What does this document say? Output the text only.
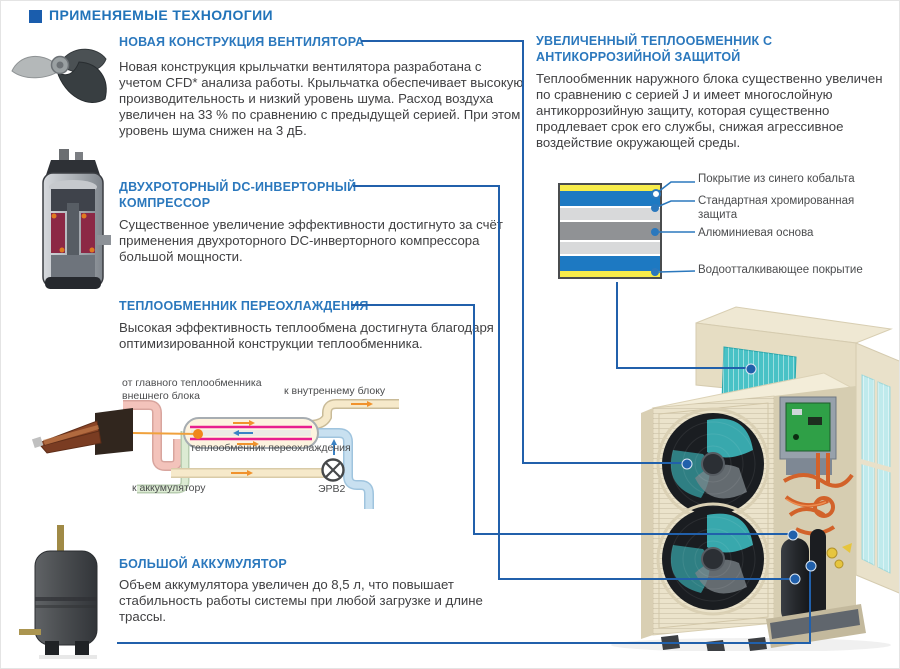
ПРИМЕНЯЕМЫЕ ТЕХНОЛОГИИ
НОВАЯ КОНСТРУКЦИЯ ВЕНТИЛЯТОРА
Новая конструкция крыльчатки вентилятора разработана с учетом CFD* анализа работы. Крыльчатка обеспечивает высокую производительность и низкий уровень шума. Расход воздуха увеличен на 33 % по сравнению с предыдущей серией. При этом уровень шума снижен на 3 дБ.
ДВУХРОТОРНЫЙ DC-ИНВЕРТОРНЫЙ КОМПРЕССОР
Существенное увеличение эффективности достигнуто за счёт применения двухроторного DC-инверторного компрессора большой мощности.
ТЕПЛООБМЕННИК ПЕРЕОХЛАЖДЕНИЯ
Высокая эффективность теплообмена достигнута благодаря оптимизированной конструкции теплообменника.
БОЛЬШОЙ АККУМУЛЯТОР
Объем аккумулятора увеличен до 8,5 л, что повышает стабильность работы системы при любой загрузке и длине трассы.
УВЕЛИЧЕННЫЙ ТЕПЛООБМЕННИК С АНТИКОРРОЗИЙНОЙ ЗАЩИТОЙ
Теплообменник наружного блока существенно увеличен по сравнению с серией J и имеет многослойную антикоррозийную защиту, которая существенно продлевает срок его службы, снижая агрессивное воздействие окружающей среды.
Покрытие из синего кобальта
Стандартная хромированная защита
Алюминиевая основа
Водоотталкивающее покрытие
от главного теплообменника внешнего блока	к внутреннему блоку
теплообменник переохлаждения
к аккумулятору	ЭРВ2
